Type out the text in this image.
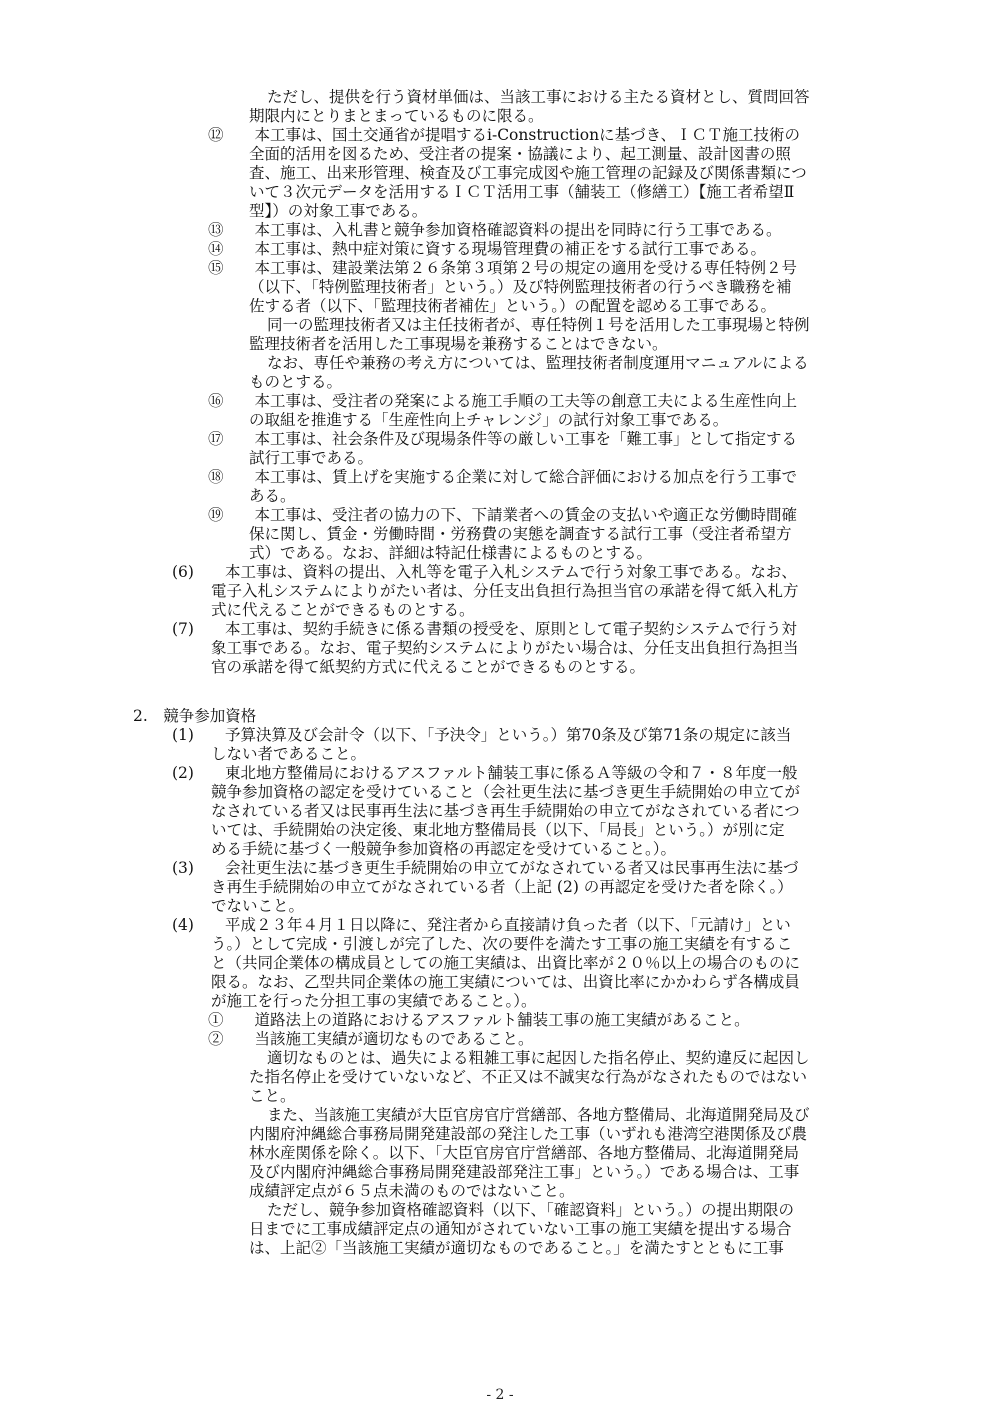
ただし、提供を行う資材単価は、当該工事における主たる資材とし、質問回答
期限内にとりまとまっているものに限る。
⑫　　本工事は、国土交通省が提唱するi-Constructionに基づき、ＩＣＴ施工技術の
全面的活用を図るため、受注者の提案・協議により、起工測量、設計図書の照
査、施工、出来形管理、検査及び工事完成図や施工管理の記録及び関係書類につ
いて３次元データを活用するＩＣＴ活用工事（舗装工（修繕工）【施工者希望Ⅱ
型】）の対象工事である。
⑬　　本工事は、入札書と競争参加資格確認資料の提出を同時に行う工事である。
⑭　　本工事は、熱中症対策に資する現場管理費の補正をする試行工事である。
⑮　　本工事は、建設業法第２６条第３項第２号の規定の適用を受ける専任特例２号
（以下、「特例監理技術者」という。）及び特例監理技術者の行うべき職務を補
佐する者（以下、「監理技術者補佐」という。）の配置を認める工事である。
同一の監理技術者又は主任技術者が、専任特例１号を活用した工事現場と特例
監理技術者を活用した工事現場を兼務することはできない。
なお、専任や兼務の考え方については、監理技術者制度運用マニュアルによる
ものとする。
⑯　　本工事は、受注者の発案による施工手順の工夫等の創意工夫による生産性向上
の取組を推進する「生産性向上チャレンジ」の試行対象工事である。
⑰　　本工事は、社会条件及び現場条件等の厳しい工事を「難工事」として指定する
試行工事である。
⑱　　本工事は、賃上げを実施する企業に対して総合評価における加点を行う工事で
ある。
⑲　　本工事は、受注者の協力の下、下請業者への賃金の支払いや適正な労働時間確
保に関し、賃金・労働時間・労務費の実態を調査する試行工事（受注者希望方
式）である。なお、詳細は特記仕様書によるものとする。
(6)　　本工事は、資料の提出、入札等を電子入札システムで行う対象工事である。なお、
電子入札システムによりがたい者は、分任支出負担行為担当官の承諾を得て紙入札方
式に代えることができるものとする。
(7)　　本工事は、契約手続きに係る書類の授受を、原則として電子契約システムで行う対
象工事である。なお、電子契約システムによりがたい場合は、分任支出負担行為担当
官の承諾を得て紙契約方式に代えることができるものとする。
2.　競争参加資格
(1)　　予算決算及び会計令（以下、「予決令」という。）第70条及び第71条の規定に該当
しない者であること。
(2)　　東北地方整備局におけるアスファルト舗装工事に係るＡ等級の令和７・８年度一般
競争参加資格の認定を受けていること（会社更生法に基づき更生手続開始の申立てが
なされている者又は民事再生法に基づき再生手続開始の申立てがなされている者につ
いては、手続開始の決定後、東北地方整備局長（以下、「局長」という。）が別に定
める手続に基づく一般競争参加資格の再認定を受けていること。）。
(3)　　会社更生法に基づき更生手続開始の申立てがなされている者又は民事再生法に基づ
き再生手続開始の申立てがなされている者（上記 (2) の再認定を受けた者を除く。）
でないこと。
(4)　　平成２３年４月１日以降に、発注者から直接請け負った者（以下、「元請け」とい
う。）として完成・引渡しが完了した、次の要件を満たす工事の施工実績を有するこ
と（共同企業体の構成員としての施工実績は、出資比率が２０％以上の場合のものに
限る。なお、乙型共同企業体の施工実績については、出資比率にかかわらず各構成員
が施工を行った分担工事の実績であること。）。
①　　道路法上の道路におけるアスファルト舗装工事の施工実績があること。
②　　当該施工実績が適切なものであること。
適切なものとは、過失による粗雑工事に起因した指名停止、契約違反に起因し
た指名停止を受けていないなど、不正又は不誠実な行為がなされたものではない
こと。
また、当該施工実績が大臣官房官庁営繕部、各地方整備局、北海道開発局及び
内閣府沖縄総合事務局開発建設部の発注した工事（いずれも港湾空港関係及び農
林水産関係を除く。以下、「大臣官房官庁営繕部、各地方整備局、北海道開発局
及び内閣府沖縄総合事務局開発建設部発注工事」という。）である場合は、工事
成績評定点が６５点未満のものではないこと。
ただし、競争参加資格確認資料（以下、「確認資料」という。）の提出期限の
日までに工事成績評定点の通知がされていない工事の施工実績を提出する場合
は、上記②「当該施工実績が適切なものであること。」を満たすとともに工事
- 2 -
